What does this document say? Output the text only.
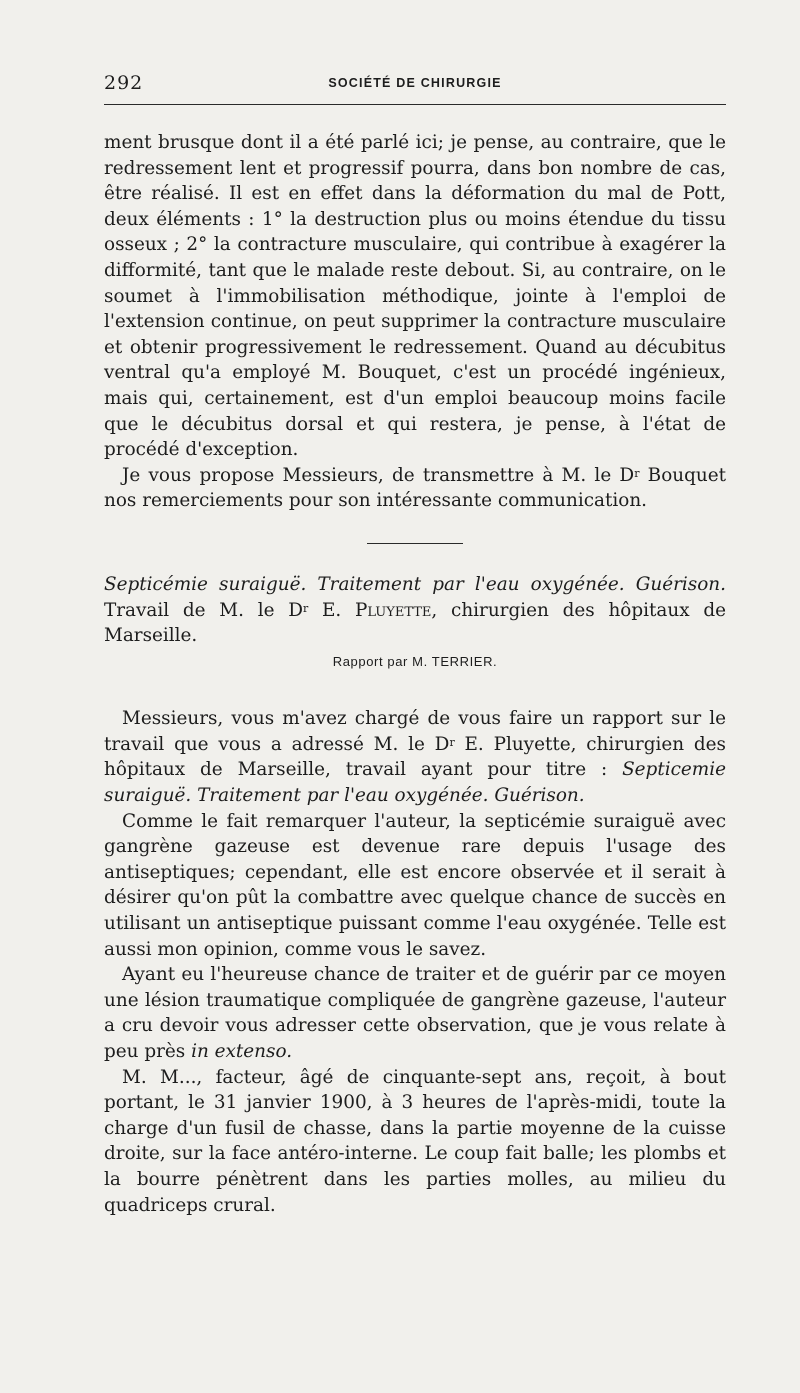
292	SOCIÉTÉ DE CHIRURGIE

ment brusque dont il a été parlé ici; je pense, au contraire, que le redressement lent et progressif pourra, dans bon nombre de cas, être réalisé. Il est en effet dans la déformation du mal de Pott, deux éléments : 1° la destruction plus ou moins étendue du tissu osseux ; 2° la contracture musculaire, qui contribue à exagérer la difformité, tant que le malade reste debout. Si, au contraire, on le soumet à l'immobilisation méthodique, jointe à l'emploi de l'extension continue, on peut supprimer la contracture musculaire et obtenir progressivement le redressement. Quand au décubitus ventral qu'a employé M. Bouquet, c'est un procédé ingénieux, mais qui, certainement, est d'un emploi beaucoup moins facile que le décubitus dorsal et qui restera, je pense, à l'état de procédé d'exception.

Je vous propose Messieurs, de transmettre à M. le $D^r$ Bouquet nos remerciements pour son intéressante communication.

Septicémie suraiguë. Traitement par l'eau oxygénée. Guérison. Travail de M. le $D^r$ E. Pluyette, chirurgien des hôpitaux de Marseille.

Rapport par M. TERRIER.

Messieurs, vous m'avez chargé de vous faire un rapport sur le travail que vous a adressé M. le $D^r$ E. Pluyette, chirurgien des hôpitaux de Marseille, travail ayant pour titre : Septicemie suraiguë. Traitement par l'eau oxygénée. Guérison.

Comme le fait remarquer l'auteur, la septicémie suraiguë avec gangrène gazeuse est devenue rare depuis l'usage des antiseptiques; cependant, elle est encore observée et il serait à désirer qu'on pût la combattre avec quelque chance de succès en utilisant un antiseptique puissant comme l'eau oxygénée. Telle est aussi mon opinion, comme vous le savez.

Ayant eu l'heureuse chance de traiter et de guérir par ce moyen une lésion traumatique compliquée de gangrène gazeuse, l'auteur a cru devoir vous adresser cette observation, que je vous relate à peu près in extenso.

M. M..., facteur, âgé de cinquante-sept ans, reçoit, à bout portant, le 31 janvier 1900, à 3 heures de l'après-midi, toute la charge d'un fusil de chasse, dans la partie moyenne de la cuisse droite, sur la face antéro-interne. Le coup fait balle; les plombs et la bourre pénètrent dans les parties molles, au milieu du quadriceps crural.
